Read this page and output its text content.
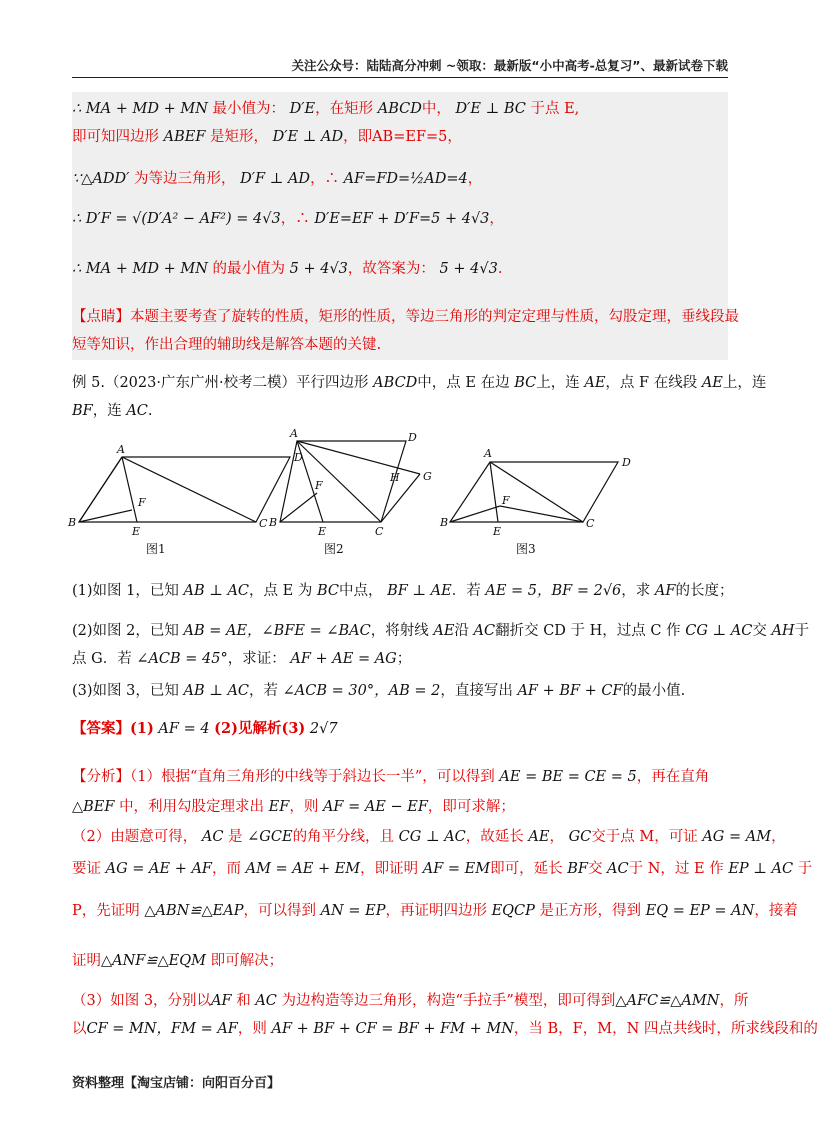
关注公众号：陆陆高分冲刺 ~领取：最新版“小中高考-总复习”、最新试卷下载
∴ MA + MD + MN 最小值为： D′E，在矩形 ABCD中， D′E ⊥ BC 于点 E,
即可知四边形 ABEF 是矩形， D′E ⊥ AD，即AB=EF=5，
∵△ADD′ 为等边三角形， D′F ⊥ AD，∴ AF=FD=½AD=4，
∴ D′F = √(D′A² − AF²) = 4√3，∴ D′E=EF + D′F=5 + 4√3，
∴ MA + MD + MN 的最小值为 5 + 4√3，故答案为： 5 + 4√3.
【点睛】本题主要考查了旋转的性质，矩形的性质，等边三角形的判定定理与性质，勾股定理，垂线段最
短等知识，作出合理的辅助线是解答本题的关键.
例 5.（2023·广东广州·校考二模）平行四边形 ABCD中，点 E 在边 BC上，连 AE，点 F 在线段 AE上，连
BF，连 AC.
A
D
B	C
E
F
A	D
B
C
E
F
H G
A
D
B	C
E
F
图1	图2	图3
(1)如图 1，已知 AB ⊥ AC，点 E 为 BC中点， BF ⊥ AE．若 AE = 5，BF = 2√6，求 AF的长度；
(2)如图 2，已知 AB = AE，∠BFE = ∠BAC，将射线 AE沿 AC翻折交 CD 于 H，过点 C 作 CG ⊥ AC交 AH于
点 G．若 ∠ACB = 45°，求证： AF + AE = AG；
(3)如图 3，已知 AB ⊥ AC，若 ∠ACB = 30°，AB = 2，直接写出 AF + BF + CF的最小值.
【答案】(1) AF = 4 (2)见解析(3) 2√7
【分析】（1）根据“直角三角形的中线等于斜边长一半”，可以得到 AE = BE = CE = 5，再在直角
△BEF 中，利用勾股定理求出 EF，则 AF = AE − EF，即可求解；
（2）由题意可得， AC 是 ∠GCE的角平分线，且 CG ⊥ AC，故延长 AE， GC交于点 M，可证 AG = AM，
要证 AG = AE + AF，而 AM = AE + EM，即证明 AF = EM即可，延长 BF交 AC于 N，过 E 作 EP ⊥ AC 于
P，先证明 △ABN≌△EAP，可以得到 AN = EP，再证明四边形 EQCP 是正方形，得到 EQ = EP = AN，接着
证明△ANF≌△EQM 即可解决；
（3）如图 3，分别以AF 和 AC 为边构造等边三角形，构造“手拉手”模型，即可得到△AFC≌△AMN，所
以CF = MN，FM = AF，则 AF + BF + CF = BF + FM + MN，当 B，F，M，N 四点共线时，所求线段和的
资料整理【淘宝店铺：向阳百分百】
